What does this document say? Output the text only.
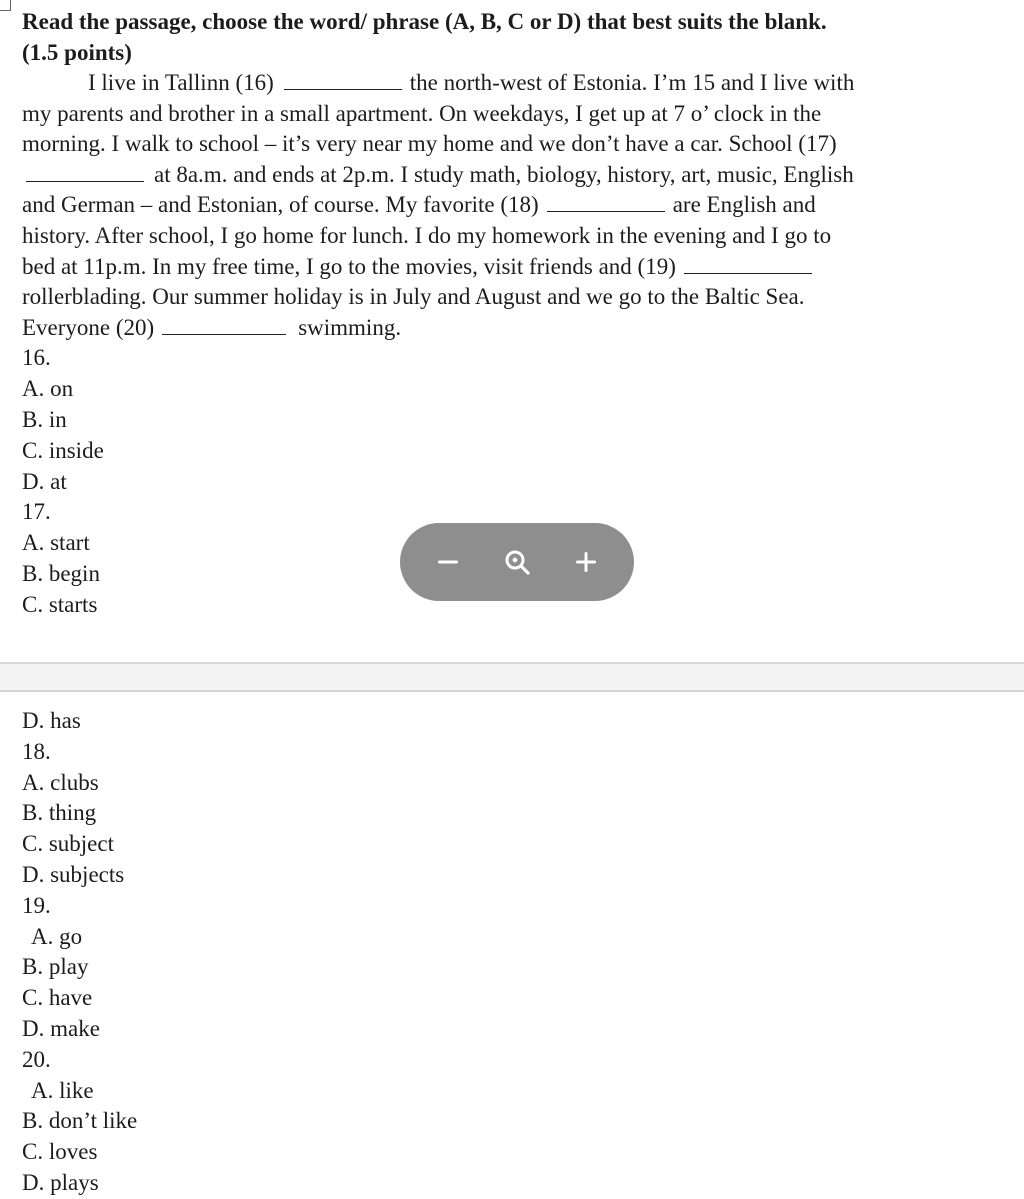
Read the passage, choose the word/ phrase (A, B, C or D) that best suits the blank.
(1.5 points)

I live in Tallinn (16)	the north-west of Estonia. I’m 15 and I live with
my parents and brother in a small apartment. On weekdays, I get up at 7 o’ clock in the
morning. I walk to school – it’s very near my home and we don’t have a car. School (17)
at 8a.m. and ends at 2p.m. I study math, biology, history, art, music, English
and German – and Estonian, of course. My favorite (18)	are English and
history. After school, I go home for lunch. I do my homework in the evening and I go to
bed at 11p.m. In my free time, I go to the movies, visit friends and (19)
rollerblading. Our summer holiday is in July and August and we go to the Baltic Sea.
Everyone (20)	swimming.

16.
A. on
B. in
C. inside
D. at
17.
A. start
B. begin
C. starts
D. has
18.
A. clubs
B. thing
C. subject
D. subjects
19.
A. go
B. play
C. have
D. make
20.
A. like
B. don’t like
C. loves
D. plays
